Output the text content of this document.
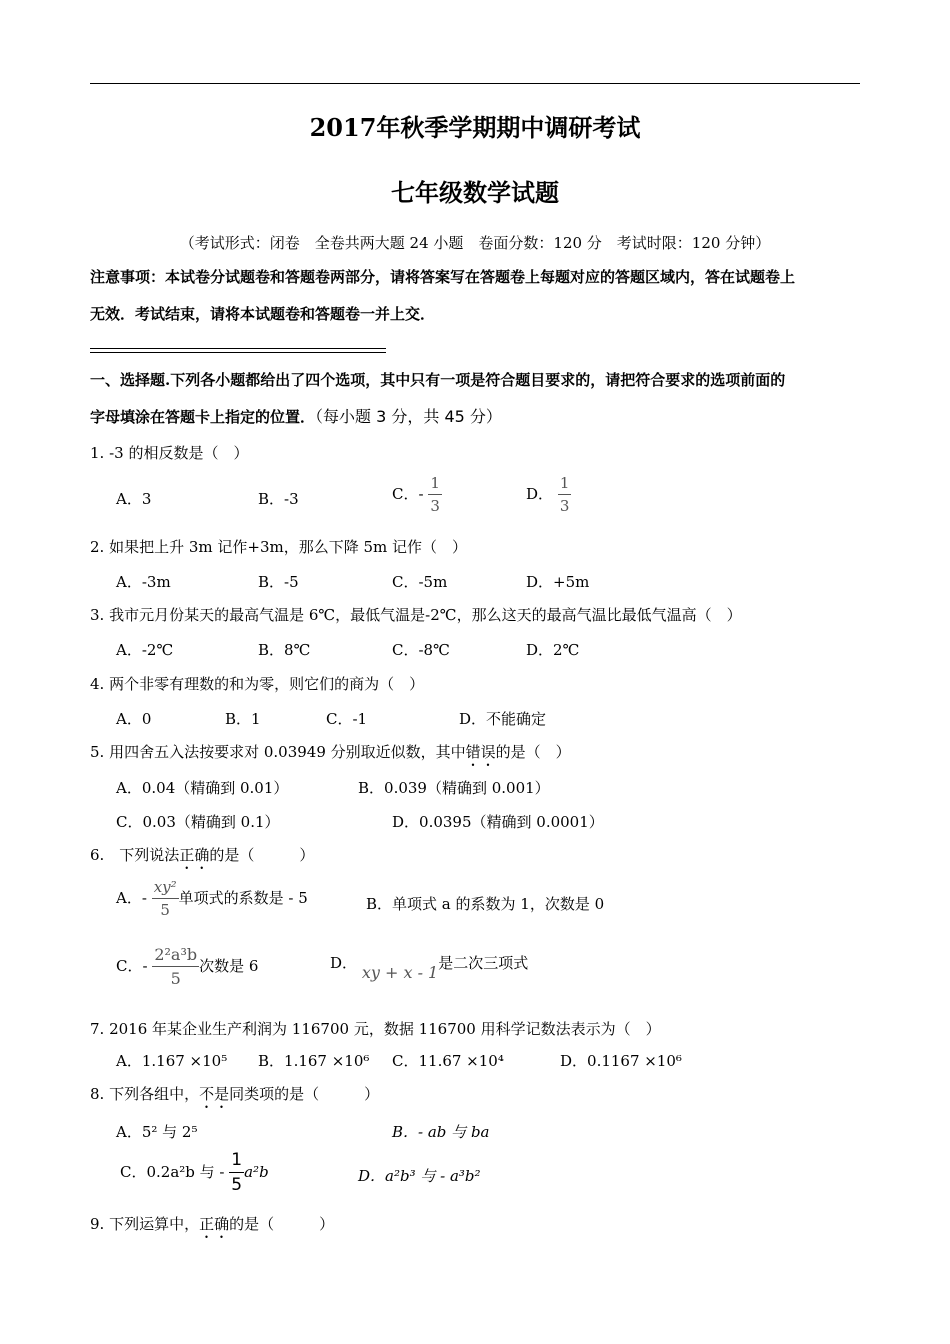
2017年秋季学期期中调研考试
七年级数学试题
（考试形式：闭卷　全卷共两大题 24 小题　卷面分数：120 分　考试时限：120 分钟）
注意事项：本试卷分试题卷和答题卷两部分，请将答案写在答题卷上每题对应的答题区域内，答在试题卷上
无效．考试结束，请将本试题卷和答题卷一并上交．
一、选择题.下列各小题都给出了四个选项，其中只有一项是符合题目要求的，请把符合要求的选项前面的
字母填涂在答题卡上指定的位置．（每小题 3 分，共 45 分）
1. -3 的相反数是（　）
A．3	B．-3	C．- $\frac{1}{3}$	D． $\frac{1}{3}$
2. 如果把上升 3m 记作+3m，那么下降 5m 记作（　）
A．-3m	B．-5	C．-5m	D．+5m
3. 我市元月份某天的最高气温是 6℃，最低气温是-2℃，那么这天的最高气温比最低气温高（　）
A．-2℃	B．8℃	C．-8℃	D．2℃
4. 两个非零有理数的和为零，则它们的商为（　）
A．0	B．1	C．-1	D．不能确定
5. 用四舍五入法按要求对 0.03949 分别取近似数，其中错误的是（　）
A．0.04（精确到 0.01）	B．0.039（精确到 0.001）
C．0.03（精确到 0.1）	D．0.0395（精确到 0.0001）
6.　下列说法正确的是（　　　）
A．- $\frac{\text{xy²}}{5}$ 单项式的系数是 - 5	B．单项式 a 的系数为 1，次数是 0
C．- $\frac{\text{2²a³b}}{5}$ 次数是 6	D． xy + x - 1是二次三项式
7. 2016 年某企业生产利润为 116700 元，数据 116700 用科学记数法表示为（　）
A．1.167 ×10⁵ B．1.167 ×10⁶ C．11.67 ×10⁴	D．0.1167 ×10⁶
8. 下列各组中，不是同类项的是（　　　）
A．5² 与 2⁵	B．- ab 与 ba
C．0.2a²b 与 - $\frac{1}{5} a^2b$	D．a²b³ 与 - a³b²
9. 下列运算中，正确的是（　　　）
